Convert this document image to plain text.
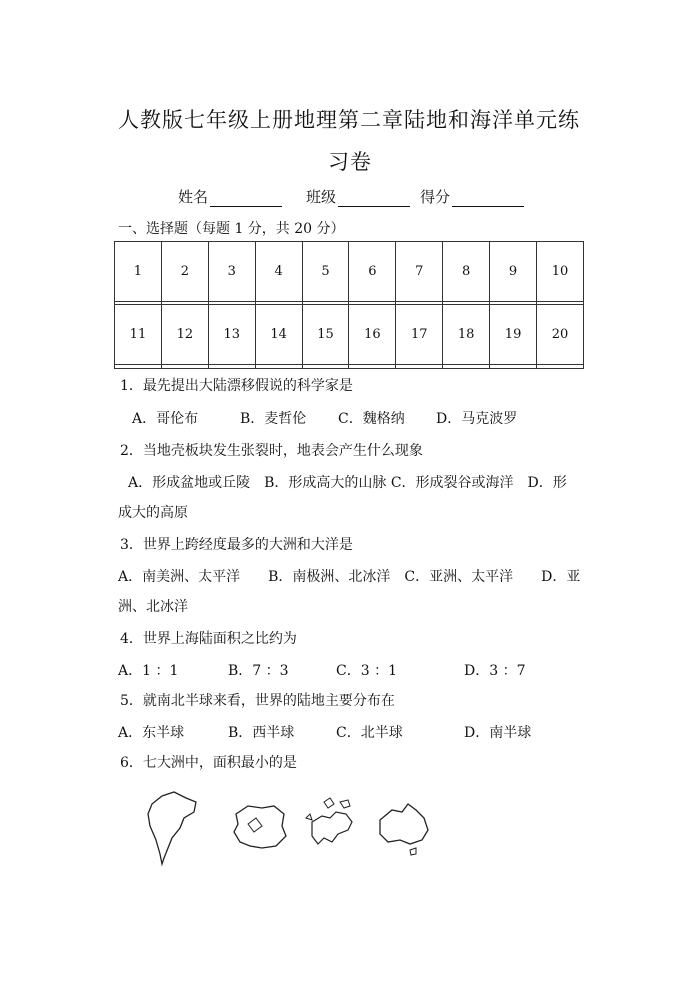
人教版七年级上册地理第二章陆地和海洋单元练
习卷
姓名	班级	得分
一、选择题（每题 1 分，共 20 分）
1	2	3	4	5	6	7	8	9	10

11	12	13	14	15	16	17	18	19	20

1．最先提出大陆漂移假说的科学家是
A．哥伦布	B．麦哲伦 C．魏格纳 D．马克波罗
2．当地壳板块发生张裂时，地表会产生什么现象
A．形成盆地或丘陵　B．形成高大的山脉 C．形成裂谷或海洋　D．形
成大的高原
3．世界上跨经度最多的大洲和大洋是
A．南美洲、太平洋　　B．南极洲、北冰洋　C．亚洲、太平洋　　D．亚
洲、北冰洋
4．世界上海陆面积之比约为
A．1 ：1	B．7 ：3	C．3 ：1	D．3 ：7
5．就南北半球来看，世界的陆地主要分布在
A．东半球	B．西半球	C．北半球	D．南半球
6．七大洲中，面积最小的是
